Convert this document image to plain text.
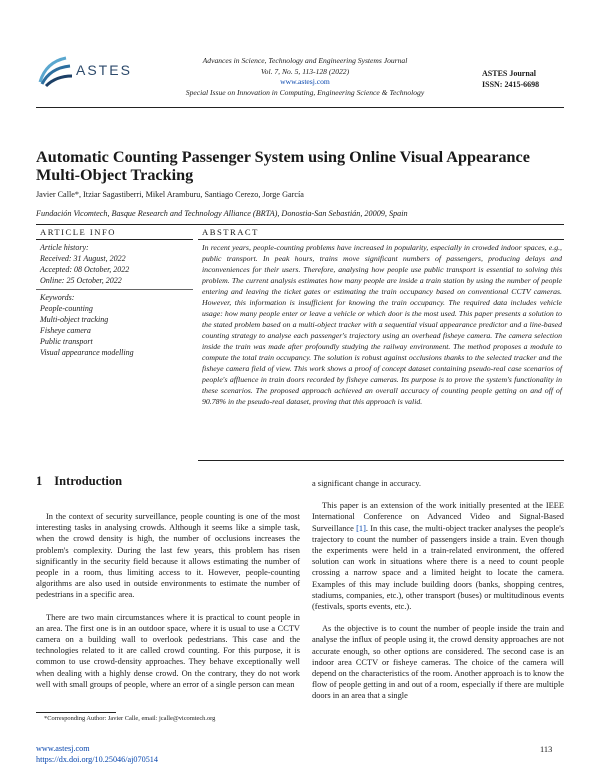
ASTES
Advances in Science, Technology and Engineering Systems Journal
Vol. 7, No. 5, 113-128 (2022)
www.astesj.com
Special Issue on Innovation in Computing, Engineering Science & Technology
ASTES Journal
ISSN: 2415-6698
Automatic Counting Passenger System using Online Visual Appearance Multi-Object Tracking
Javier Calle*, Itziar Sagastiberri, Mikel Aramburu, Santiago Cerezo, Jorge García
Fundación Vicomtech, Basque Research and Technology Alliance (BRTA), Donostia-San Sebastián, 20009, Spain
ARTICLE INFO	ABSTRACT
Article history:
Received: 31 August, 2022
Accepted: 08 October, 2022
Online: 25 October, 2022
Keywords:
People-counting
Multi-object tracking
Fisheye camera
Public transport
Visual appearance modelling
In recent years, people-counting problems have increased in popularity, especially in crowded indoor spaces, e.g., public transport. In peak hours, trains move significant numbers of passengers, producing delays and inconveniences for their users. Therefore, analysing how people use public transport is essential to solving this problem. The current analysis estimates how many people are inside a train station by using the number of people entering and leaving the ticket gates or estimating the train occupancy based on conventional CCTV cameras. However, this information is insufficient for knowing the train occupancy. The required data includes vehicle usage: how many people enter or leave a vehicle or which door is the most used. This paper presents a solution to the stated problem based on a multi-object tracker with a sequential visual appearance predictor and a line-based counting strategy to analyse each passenger's trajectory using an overhead fisheye camera. The camera selection inside the train was made after profoundly studying the railway environment. The method proposes a module to compute the total train occupancy. The solution is robust against occlusions thanks to the selected tracker and the fisheye camera field of view. This work shows a proof of concept dataset containing pseudo-real case scenarios of people's affluence in train doors recorded by fisheye cameras. Its purpose is to prove the system's functionality in these scenarios. The proposed approach achieved an overall accuracy of counting people getting on and off of 90.78% in the pseudo-real dataset, proving that this approach is valid.
1 Introduction

In the context of security surveillance, people counting is one of the most interesting tasks in analysing crowds. Although it seems like a simple task, when the crowd density is high, the number of occlusions increases the problem's complexity. During the last few years, this problem has risen significantly in the security field because it allows estimating the number of people in a room, thus limiting access to it. However, people-counting algorithms are also used in outside environments to estimate the number of pedestrians in a specific area.

There are two main circumstances where it is practical to count people in an area. The first one is in an outdoor space, where it is usual to use a CCTV camera on a building wall to overlook pedestrians. This case and the technologies related to it are called crowd counting. For this purpose, it is common to use crowd-density approaches. They behave exceptionally well when dealing with a highly dense crowd. On the contrary, they do not work well with small groups of people, where an error of a single person can mean

a significant change in accuracy.

This paper is an extension of the work initially presented at the IEEE International Conference on Advanced Video and Signal-Based Surveillance [1]. In this case, the multi-object tracker analyses the people's trajectory to count the number of passengers inside a train. Even though the experiments were held in a train-related environment, the offered solution can work in situations where there is a need to count people crossing a narrow space and a limited height to locate the camera. Examples of this may include building doors (banks, shopping centres, stadiums, companies, etc.), other transport (buses) or multitudinous events (festivals, sports events, etc.).

As the objective is to count the number of people inside the train and analyse the influx of people using it, the crowd density approaches are not accurate enough, so other options are considered. The second case is an indoor area CCTV or fisheye cameras. The choice of the camera will depend on the characteristics of the room. Another approach is to know the flow of people getting in and out of a room, especially if there are multiple doors in an area that a single

*Corresponding Author: Javier Calle, email: jcalle@vicomtech.org
www.astesj.com
https://dx.doi.org/10.25046/aj070514
113
